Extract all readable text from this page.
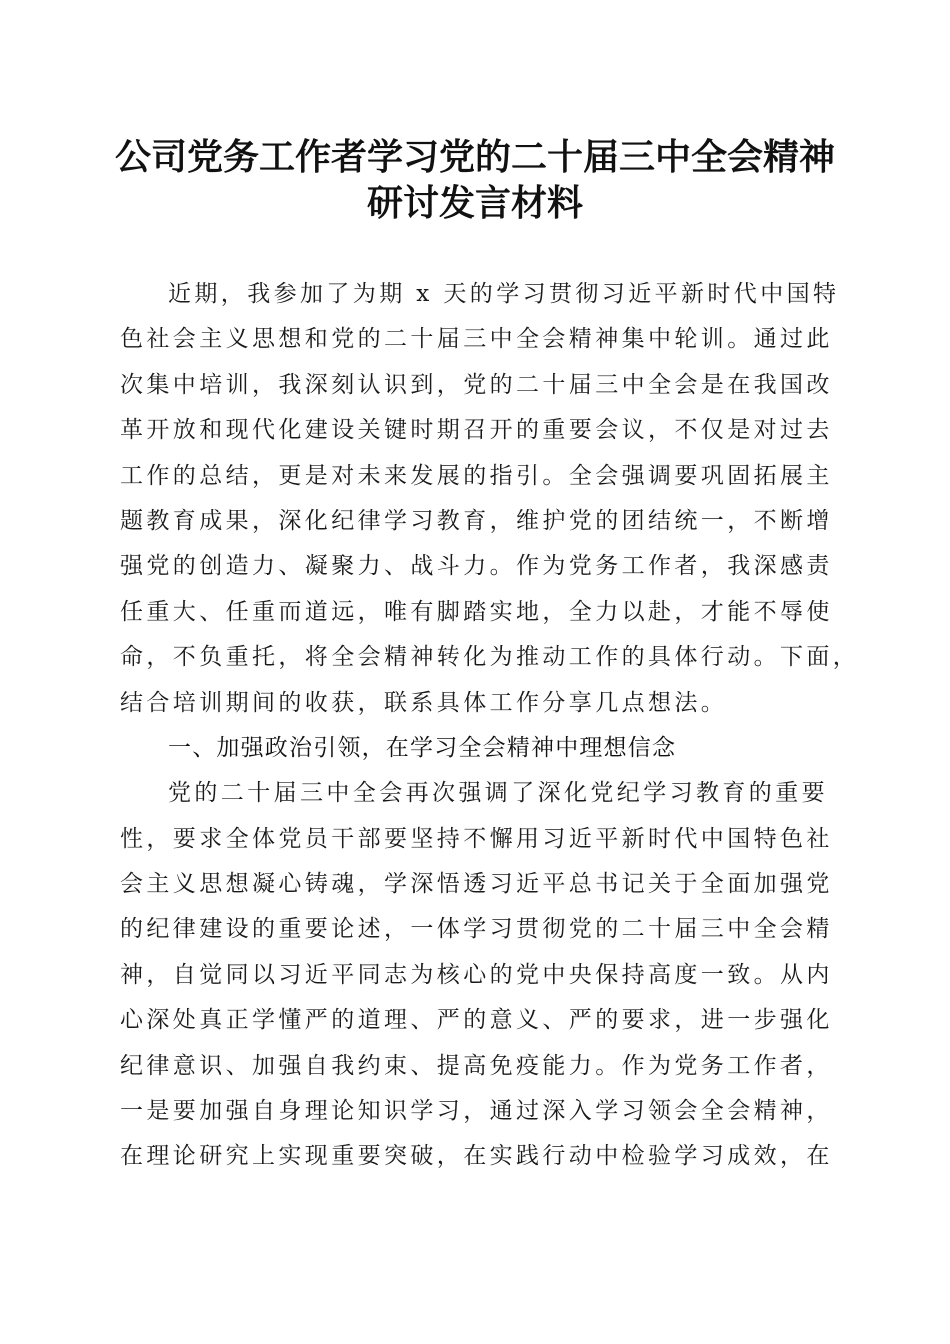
公司党务工作者学习党的二十届三中全会精神
研讨发言材料
近期，我参加了为期 x 天的学习贯彻习近平新时代中国特
色社会主义思想和党的二十届三中全会精神集中轮训。通过此
次集中培训，我深刻认识到，党的二十届三中全会是在我国改
革开放和现代化建设关键时期召开的重要会议，不仅是对过去
工作的总结，更是对未来发展的指引。全会强调要巩固拓展主
题教育成果，深化纪律学习教育，维护党的团结统一，不断增
强党的创造力、凝聚力、战斗力。作为党务工作者，我深感责
任重大、任重而道远，唯有脚踏实地，全力以赴，才能不辱使
命，不负重托，将全会精神转化为推动工作的具体行动。下面，
结合培训期间的收获，联系具体工作分享几点想法。
一、加强政治引领，在学习全会精神中理想信念
党的二十届三中全会再次强调了深化党纪学习教育的重要
性，要求全体党员干部要坚持不懈用习近平新时代中国特色社
会主义思想凝心铸魂，学深悟透习近平总书记关于全面加强党
的纪律建设的重要论述，一体学习贯彻党的二十届三中全会精
神，自觉同以习近平同志为核心的党中央保持高度一致。从内
心深处真正学懂严的道理、严的意义、严的要求，进一步强化
纪律意识、加强自我约束、提高免疫能力。作为党务工作者，
一是要加强自身理论知识学习，通过深入学习领会全会精神，
在理论研究上实现重要突破，在实践行动中检验学习成效，在
